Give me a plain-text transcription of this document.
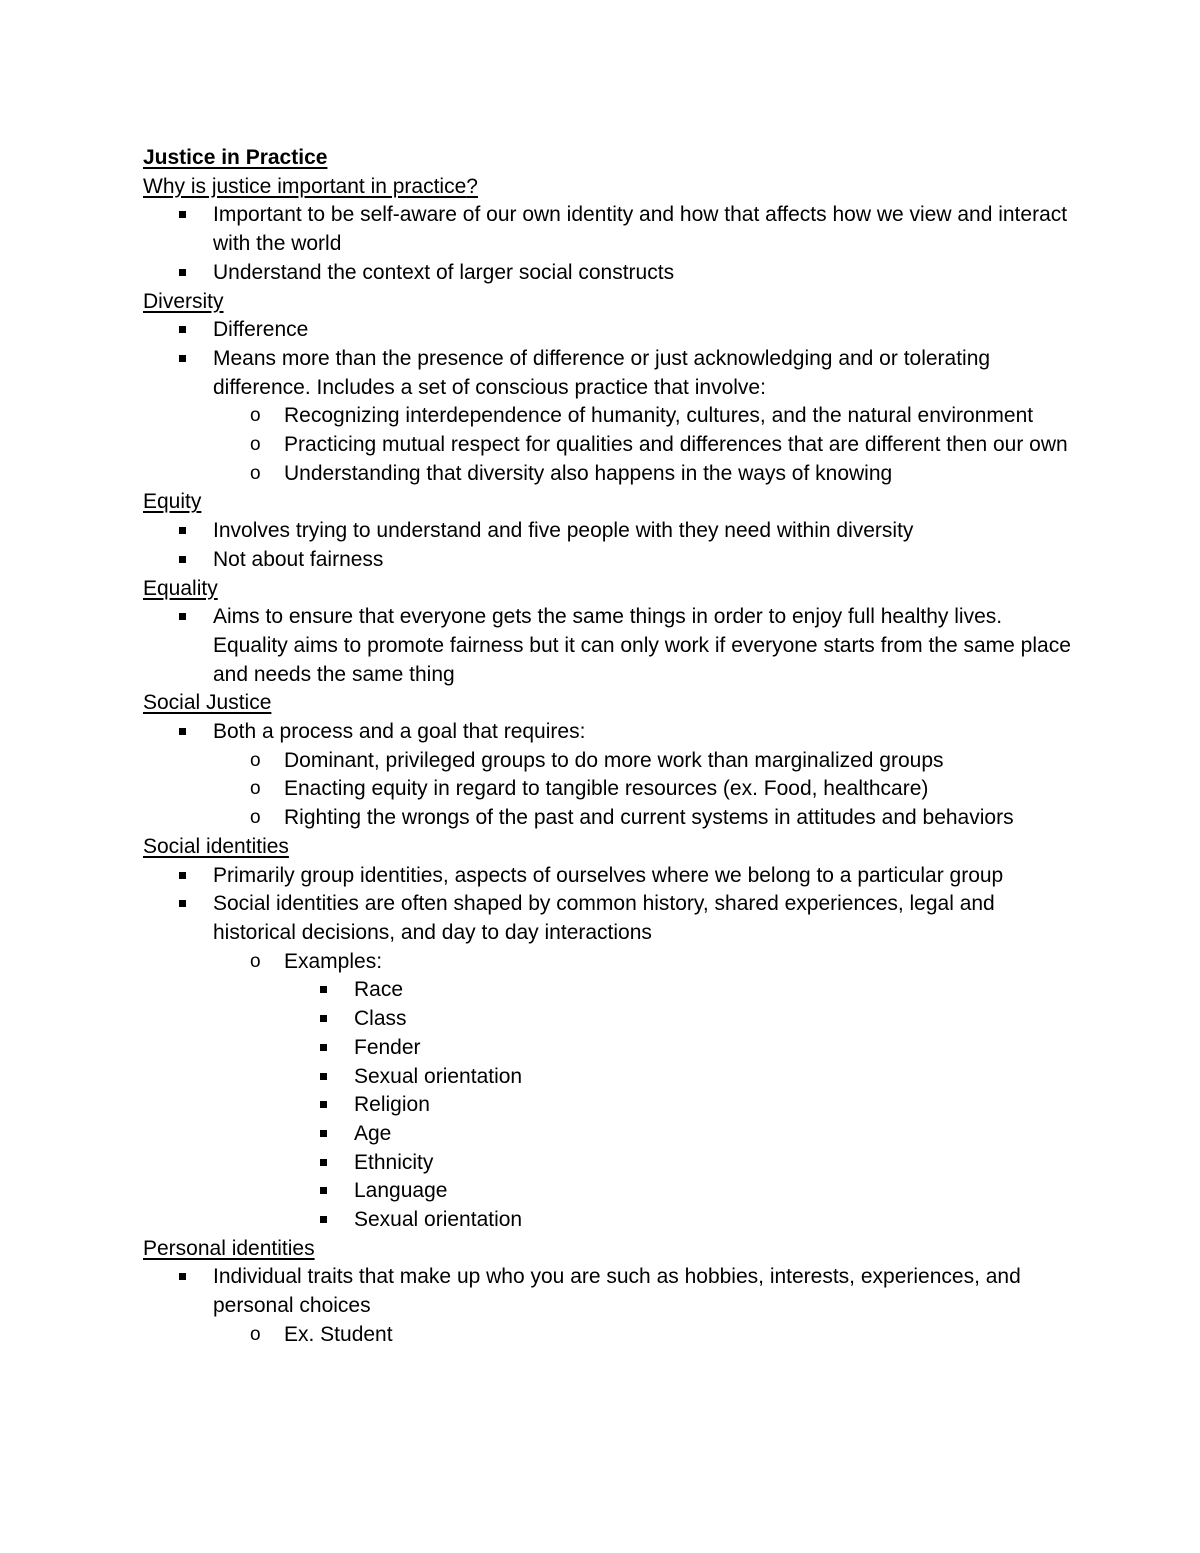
Justice in Practice

Why is justice important in practice?

Important to be self-aware of our own identity and how that affects how we view and interact with the world
Understand the context of larger social constructs

Diversity

Difference
Means more than the presence of difference or just acknowledging and or tolerating difference. Includes a set of conscious practice that involve:
o Recognizing interdependence of humanity, cultures, and the natural environment
o Practicing mutual respect for qualities and differences that are different then our own
o Understanding that diversity also happens in the ways of knowing

Equity

Involves trying to understand and five people with they need within diversity
Not about fairness

Equality

Aims to ensure that everyone gets the same things in order to enjoy full healthy lives. Equality aims to promote fairness but it can only work if everyone starts from the same place and needs the same thing

Social Justice

Both a process and a goal that requires:
o Dominant, privileged groups to do more work than marginalized groups
o Enacting equity in regard to tangible resources (ex. Food, healthcare)
o Righting the wrongs of the past and current systems in attitudes and behaviors

Social identities

Primarily group identities, aspects of ourselves where we belong to a particular group
Social identities are often shaped by common history, shared experiences, legal and historical decisions, and day to day interactions
o Examples:
Race
Class
Fender
Sexual orientation
Religion
Age
Ethnicity
Language
Sexual orientation

Personal identities

Individual traits that make up who you are such as hobbies, interests, experiences, and personal choices
o Ex. Student
